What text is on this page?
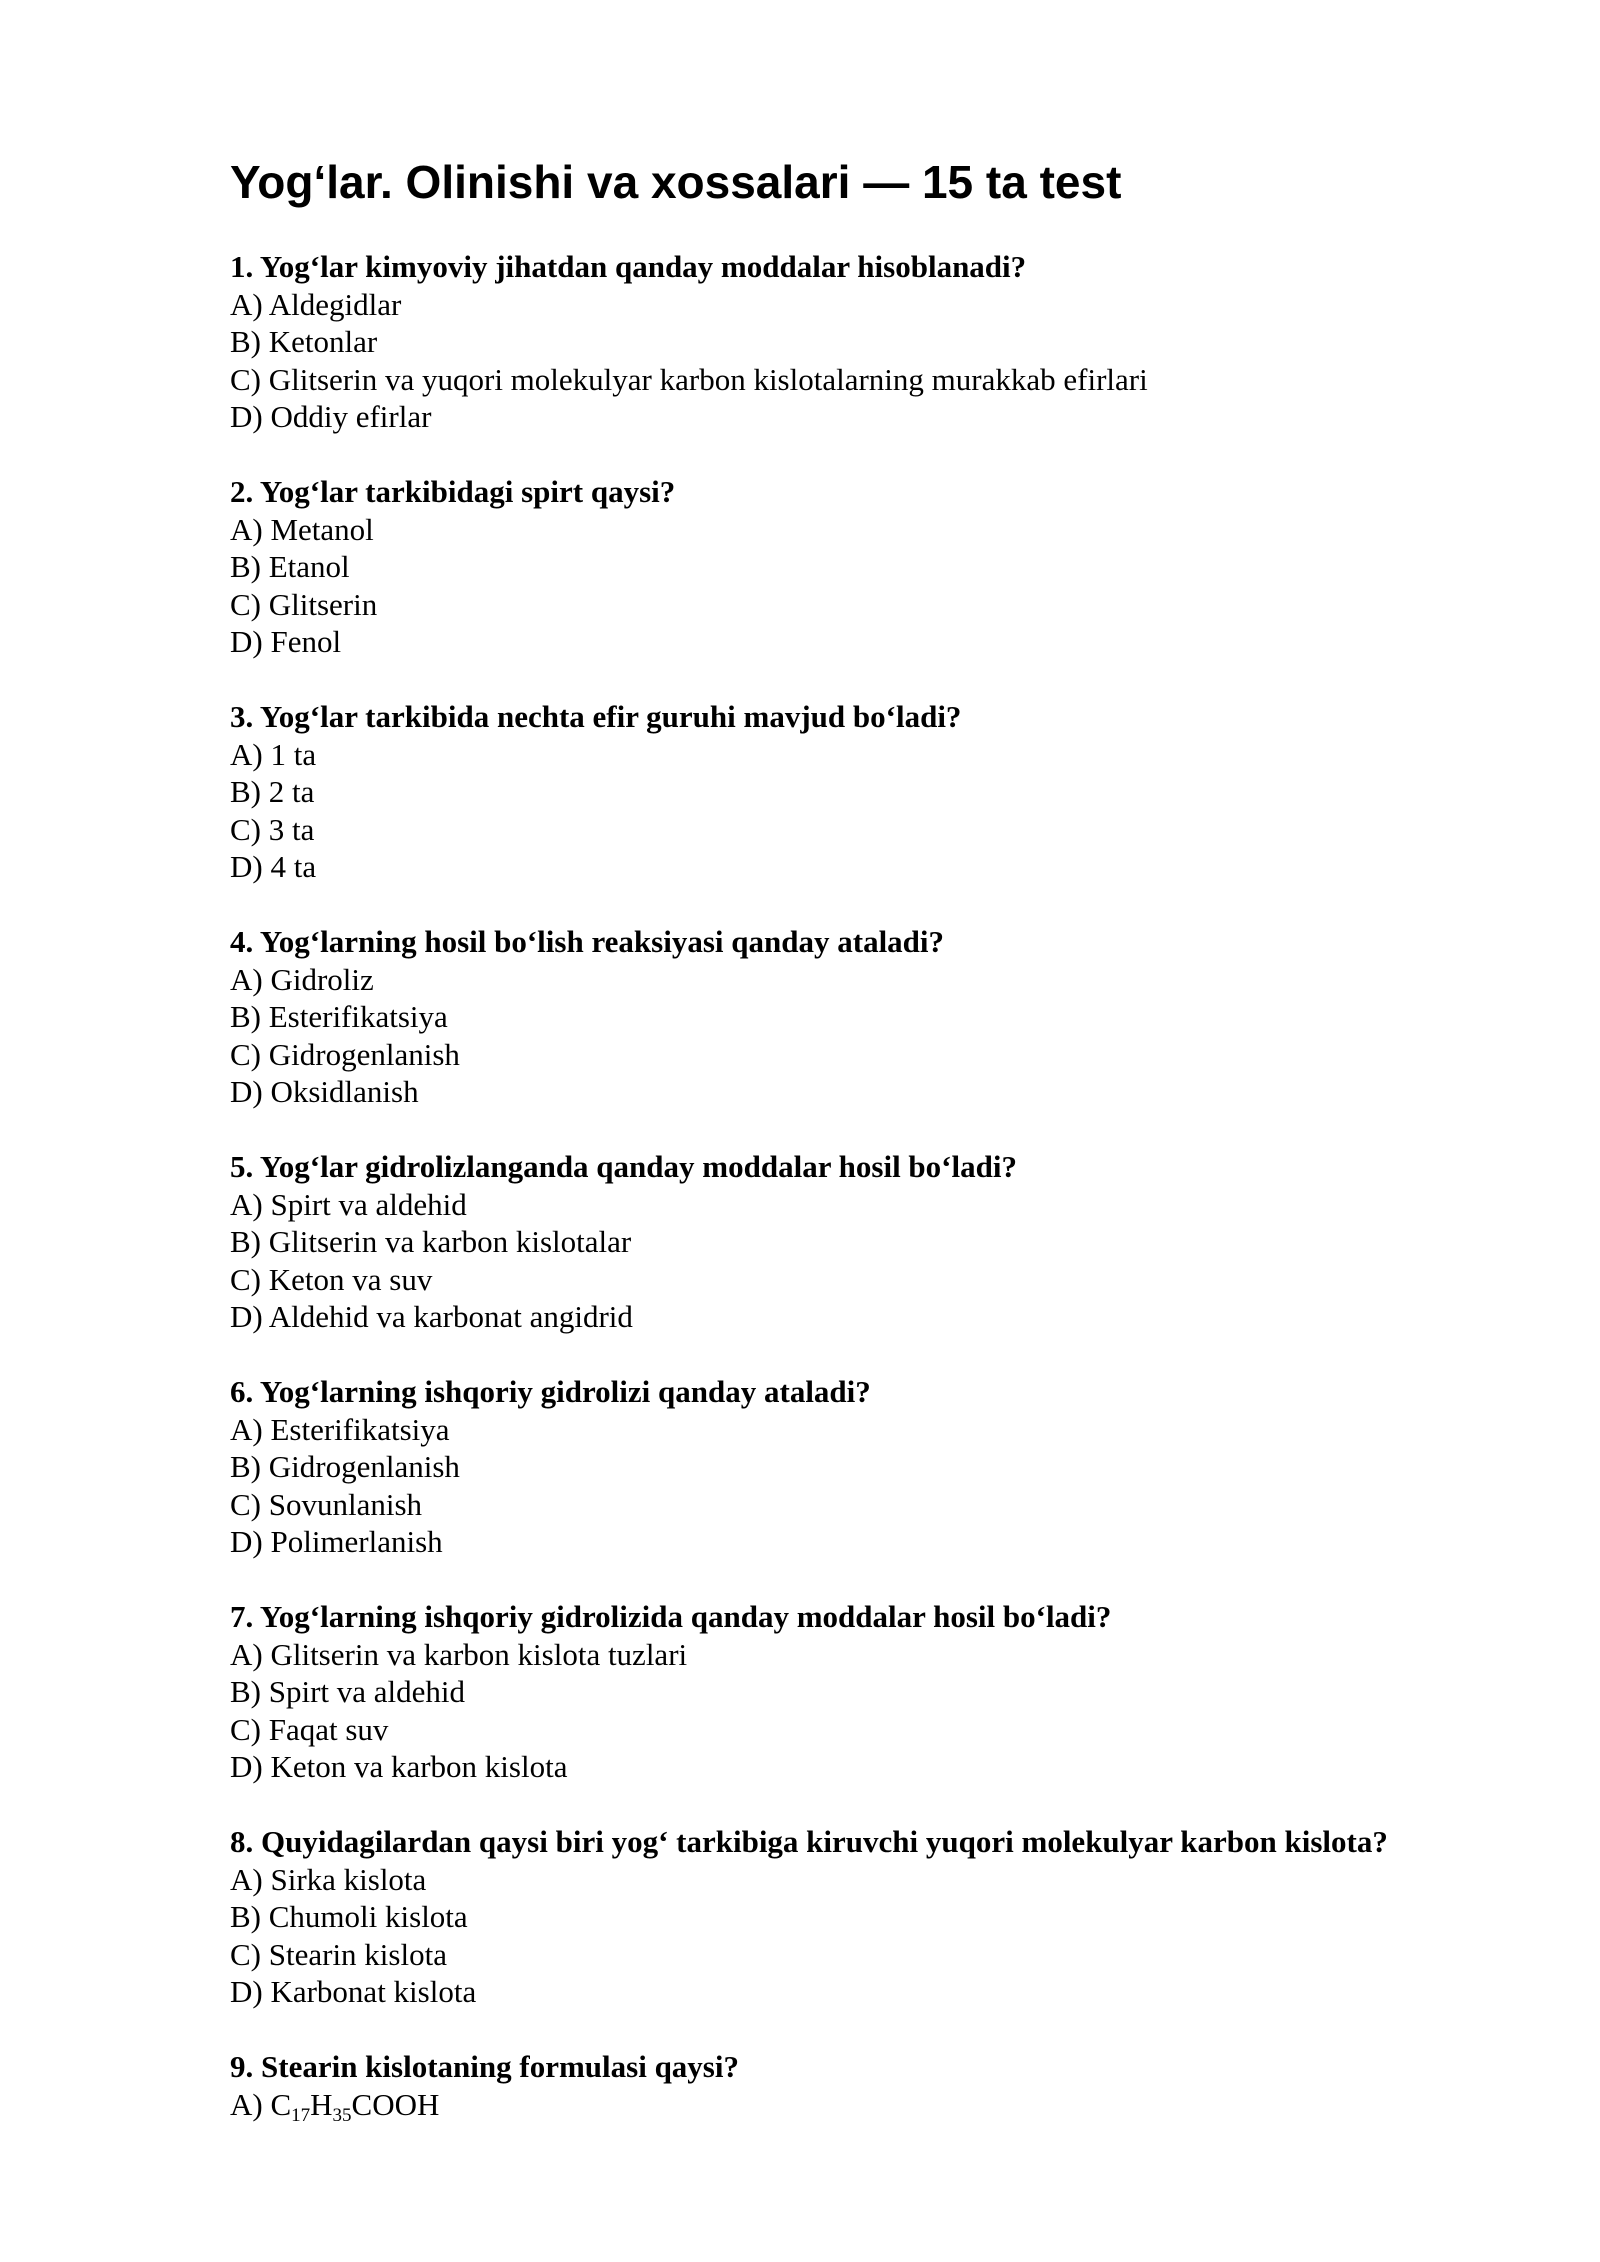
Yog‘lar. Olinishi va xossalari — 15 ta test

1. Yog‘lar kimyoviy jihatdan qanday moddalar hisoblanadi?

A) Aldegidlar

B) Ketonlar

C) Glitserin va yuqori molekulyar karbon kislotalarning murakkab efirlari

D) Oddiy efirlar

2. Yog‘lar tarkibidagi spirt qaysi?

A) Metanol

B) Etanol

C) Glitserin

D) Fenol

3. Yog‘lar tarkibida nechta efir guruhi mavjud bo‘ladi?

A) 1 ta

B) 2 ta

C) 3 ta

D) 4 ta

4. Yog‘larning hosil bo‘lish reaksiyasi qanday ataladi?

A) Gidroliz

B) Esterifikatsiya

C) Gidrogenlanish

D) Oksidlanish

5. Yog‘lar gidrolizlanganda qanday moddalar hosil bo‘ladi?

A) Spirt va aldehid

B) Glitserin va karbon kislotalar

C) Keton va suv

D) Aldehid va karbonat angidrid

6. Yog‘larning ishqoriy gidrolizi qanday ataladi?

A) Esterifikatsiya

B) Gidrogenlanish

C) Sovunlanish

D) Polimerlanish

7. Yog‘larning ishqoriy gidrolizida qanday moddalar hosil bo‘ladi?

A) Glitserin va karbon kislota tuzlari

B) Spirt va aldehid

C) Faqat suv

D) Keton va karbon kislota

8. Quyidagilardan qaysi biri yog‘ tarkibiga kiruvchi yuqori molekulyar karbon kislota?

A) Sirka kislota

B) Chumoli kislota

C) Stearin kislota

D) Karbonat kislota

9. Stearin kislotaning formulasi qaysi?

A) $C_{17}H_{35}COOH$
